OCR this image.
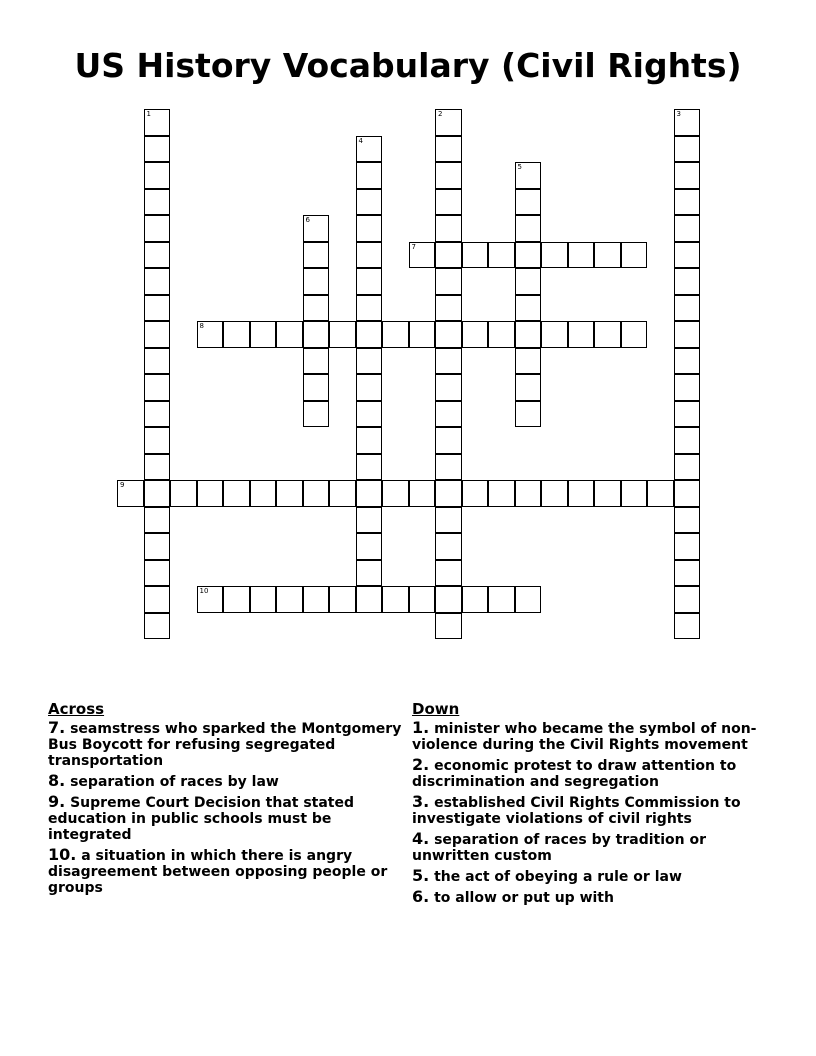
US History Vocabulary (Civil Rights)
1	2	3
4
5
6
7
8
9
10
Across
7. seamstress who sparked the Montgomery Bus Boycott for refusing segregated transportation
8. separation of races by law
9. Supreme Court Decision that stated education in public schools must be integrated
10. a situation in which there is angry disagreement between opposing people or groups
Down
1. minister who became the symbol of non-violence during the Civil Rights movement
2. economic protest to draw attention to discrimination and segregation
3. established Civil Rights Commission to investigate violations of civil rights
4. separation of races by tradition or unwritten custom
5. the act of obeying a rule or law
6. to allow or put up with
